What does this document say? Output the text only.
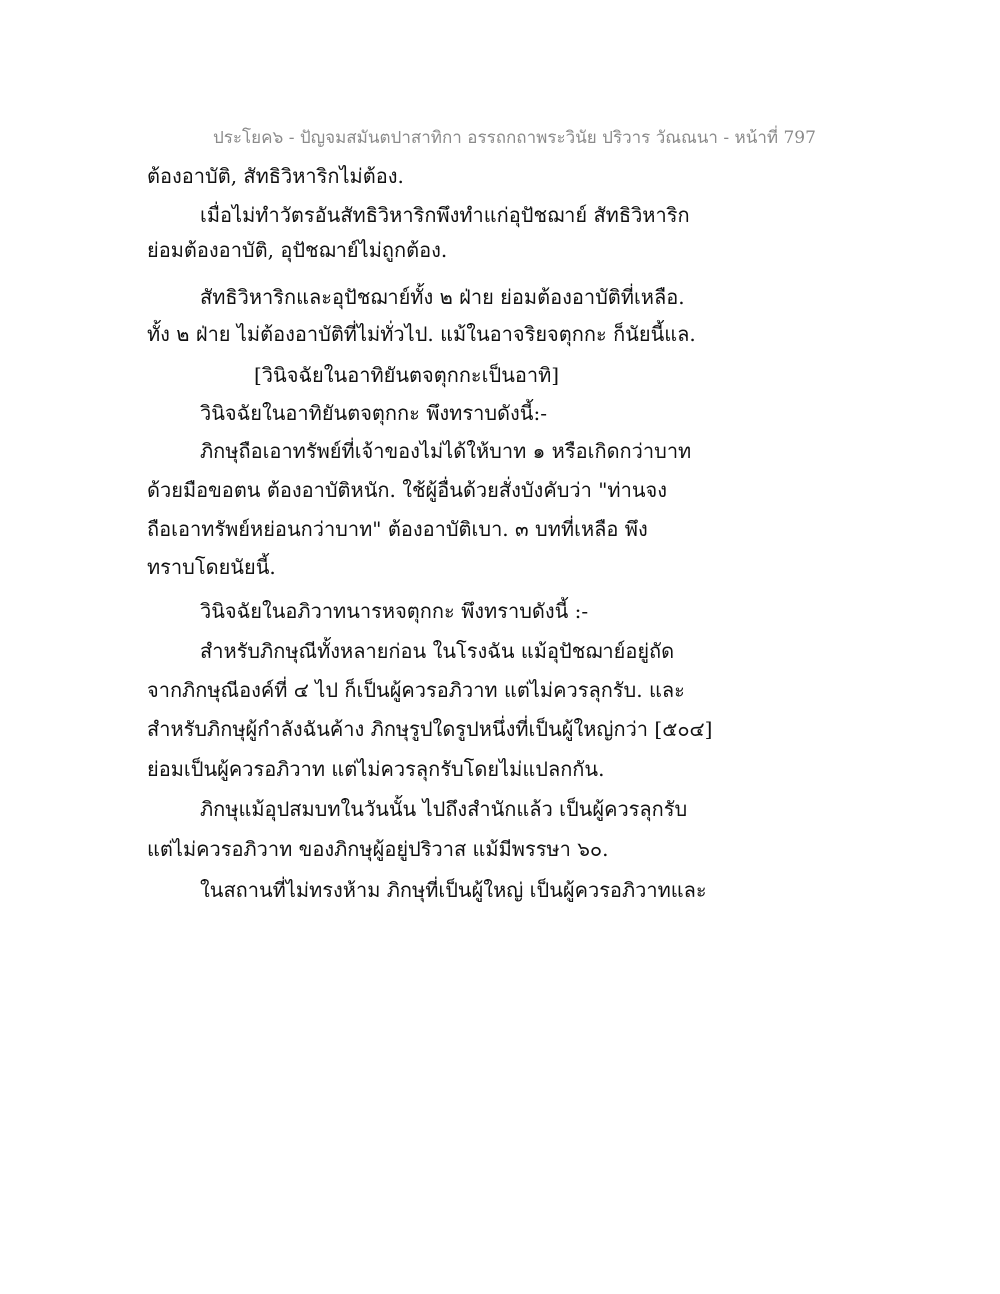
ประโยค๖ - ปัญจมสมันตปาสาทิกา อรรถกถาพระวินัย ปริวาร วัณณนา - หน้าที่ 797
ต้องอาบัติ, สัทธิวิหาริกไม่ต้อง.
เมื่อไม่ทำวัตรอันสัทธิวิหาริกพึงทำแก่อุปัชฌาย์ สัทธิวิหาริก
ย่อมต้องอาบัติ, อุปัชฌาย์ไม่ถูกต้อง.
สัทธิวิหาริกและอุปัชฌาย์ทั้ง ๒ ฝ่าย ย่อมต้องอาบัติที่เหลือ.
ทั้ง ๒ ฝ่าย ไม่ต้องอาบัติที่ไม่ทั่วไป. แม้ในอาจริยจตุกกะ ก็นัยนี้แล.
[วินิจฉัยในอาทิยันตจตุกกะเป็นอาทิ]
วินิจฉัยในอาทิยันตจตุกกะ พึงทราบดังนี้:-
ภิกษุถือเอาทรัพย์ที่เจ้าของไม่ได้ให้บาท ๑ หรือเกิดกว่าบาท
ด้วยมือขอตน ต้องอาบัติหนัก. ใช้ผู้อื่นด้วยสั่งบังคับว่า "ท่านจง
ถือเอาทรัพย์หย่อนกว่าบาท" ต้องอาบัติเบา. ๓ บทที่เหลือ พึง
ทราบโดยนัยนี้.
วินิจฉัยในอภิวาทนารหจตุกกะ พึงทราบดังนี้ :-
สำหรับภิกษุณีทั้งหลายก่อน ในโรงฉัน แม้อุปัชฌาย์อยู่ถัด
จากภิกษุณีองค์ที่ ๔ ไป ก็เป็นผู้ควรอภิวาท แต่ไม่ควรลุกรับ. และ
สำหรับภิกษุผู้กำลังฉันค้าง ภิกษุรูปใดรูปหนึ่งที่เป็นผู้ใหญ่กว่า [๕๐๔]
ย่อมเป็นผู้ควรอภิวาท แต่ไม่ควรลุกรับโดยไม่แปลกกัน.
ภิกษุแม้อุปสมบทในวันนั้น ไปถึงสำนักแล้ว เป็นผู้ควรลุกรับ
แต่ไม่ควรอภิวาท ของภิกษุผู้อยู่ปริวาส แม้มีพรรษา ๖๐.
ในสถานที่ไม่ทรงห้าม ภิกษุที่เป็นผู้ใหญ่ เป็นผู้ควรอภิวาทและ
